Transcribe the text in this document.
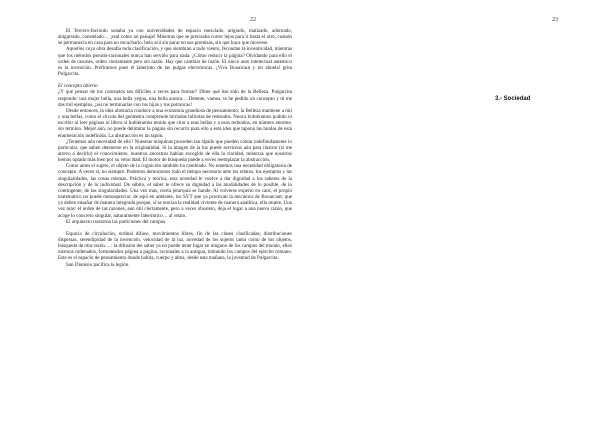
22

El Tercero-Incruido sonaba ya con universidades de espacio mezclado, atigrado, matizado, adornado, abigarrado, constelado… ¡real como un paisaje! Mientras que se precisaba correr lejos para ir hasta el otro, cuando se permanecía en casa para no escucharlo, helo acá sin parar en sus premisas, sin que haya que moverse.

Aquellos cuya obra desafía toda clasificación, y que siembran a todo viento, fecundan la inventividad, mientras que los métodos pseudo-racionales nunca han servido para nada. ¿Cómo reducir la página? Olvidando para ello el orden de razones, orden ciertamente pero sin razón. Hay que cambiar de razón. El único auto intelectual auténtico es la invención. Prefiramos pues el laberinto de las pulgas electrónicas. ¡Viva Bouaicaut y mi abuela! grita Pulgarcita.

El concepto abierto

¿Y qué pensar de los conceptos tan difíciles a veces para formar? Dime qué has sido de la Belleza. Pulgarcita responde: una mujer bella, una bella yegua, una bella aurora… Detente, vamos; te he pedido un concepto y tú me das mil ejemplos, ¡así no terminarías con tus hijas y tus potrancas!

Desde entonces, la idea abstracta conduce a una economía grandiosa de pensamiento; la Belleza mantiene a mil y una bellas, como el círculo del geómetra comprende miríadas infinitas de redondos. Nunca hubiéramos podido ni escribir ni leer páginas ni libros si hubiéramos tenido que citar a esas bellas y a esos redondos, en número enorme, sin término. Mejor aún, no puede delimitar la página sin recurrir para ello a esta idea que tapona las huidas de esta enumeración indefinida. La abstracción es un tapón.

¿Tenemos aún necesidad de ello? Nuestras máquinas proceden tan rápido que pueden contar indefinidamente lo particular, que saben detenerse en la originalidad. Si la imagen de la luz puede servirnos aún para ilustrar (si me atrevo a decirlo) el conocimiento, nuestros ancestros habían escogido de ella la claridad, mientras que nosotros hemos optado más bien por su velocidad. El motor de búsqueda puede a veces reemplazar la abstracción.

Como antes el sujeto, el objeto de la cognición también ha cambiado. No tenemos una necesidad obligatoria de concepto. A veces sí, no siempre. Podemos demorarnos todo el tiempo necesario ante los relatos, los ejemplos y las singularidades, las cosas mismas. Práctica y teórica, esta novedad le vuelve a dar dignidad a los saberes de la descripción y de lo individual. De súbito, el saber le ofrece su dignidad a las modalidades de lo posible, de lo contingente, de las singularidades. Una vez más, cierta jerarquía se hunde. Al volverse experto en caos, el propio matemático no puede menospreciar, de aquí en adelante, los SVT que ya practican la mecánica de Bouaicaut; que ya deben ensañar de manera integrada porque, sí se teoriza la realidad viviente de manera analítica, ella muere. Una vez más: el orden de las razones, aun útil ciertamente, pero a veces obsoleto, deja el lugar a una nueva razón, que acoge lo concreto singular, naturalmente laberíntico… al relato.

El arquitecto trastorna las particiones del campus.

Espacio de circulación, ordinal difuso, movimientos libres, fin de las clases clasificadas, distribuciones dispersas, serendipidad de la invención, velocidad de la luz, novedad de los sujetos tanto como de los objetos, búsqueda de otra razón… : la difusión del saber ya no puede tener lugar en ninguno de los campus del mundo, ellos mismos ordenados, formateados página a página, racionales a la antigua, imitando los campos del ejército romano. Este es el espacio de pensamiento donde habita, cuerpo y alma, desde esta mañana, la juventud de Pulgarcita.

San Dionisio pacifica la legión.

23
3.- Sociedad
